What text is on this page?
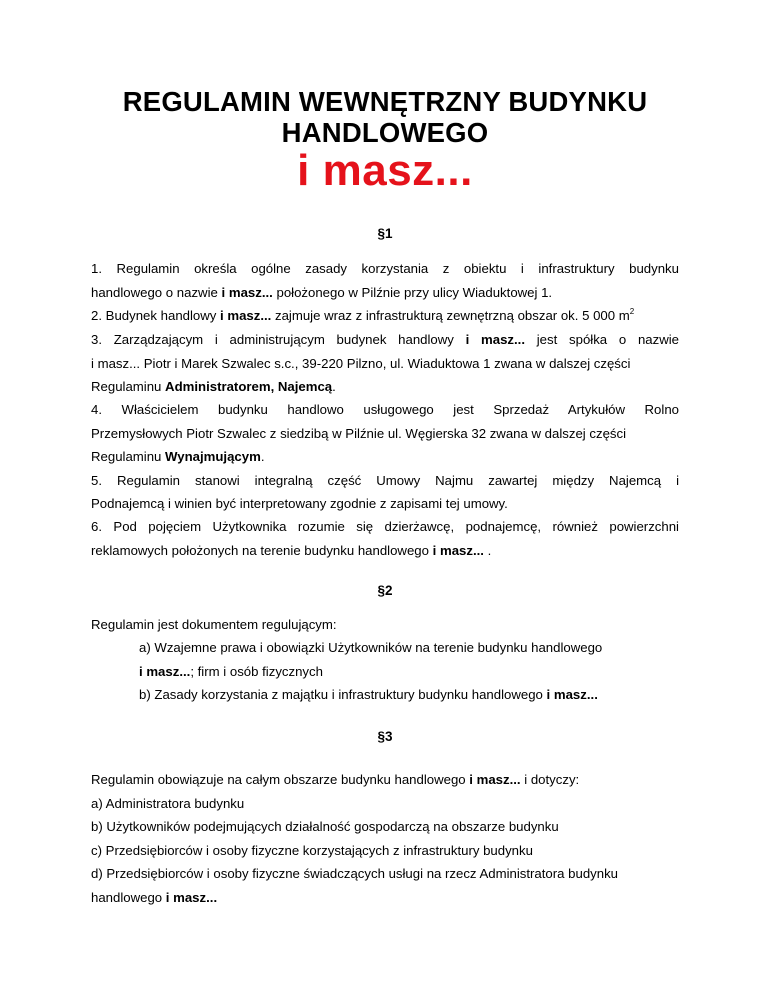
REGULAMIN WEWNĘTRZNY BUDYNKU
HANDLOWEGO
i masz...
§1
1. Regulamin określa ogólne zasady korzystania z obiektu i infrastruktury budynku
handlowego o nazwie i masz... położonego w Pilźnie przy ulicy Wiaduktowej 1.
2. Budynek handlowy i masz... zajmuje wraz z infrastrukturą zewnętrzną obszar ok. 5 000 $m^2$
3. Zarządzającym i administrującym budynek handlowy i masz... jest spółka o nazwie
i masz... Piotr i Marek Szwalec s.c., 39-220 Pilzno, ul. Wiaduktowa 1 zwana w dalszej części
Regulaminu Administratorem, Najemcą.
4. Właścicielem budynku handlowo usługowego jest Sprzedaż Artykułów Rolno
Przemysłowych Piotr Szwalec z siedzibą w Pilźnie ul. Węgierska 32 zwana w dalszej części
Regulaminu Wynajmującym.
5. Regulamin stanowi integralną część Umowy Najmu zawartej między Najemcą i
Podnajemcą i winien być interpretowany zgodnie z zapisami tej umowy.
6. Pod pojęciem Użytkownika rozumie się dzierżawcę, podnajemcę, również powierzchni
reklamowych położonych na terenie budynku handlowego i masz... .
§2
Regulamin jest dokumentem regulującym:
a) Wzajemne prawa i obowiązki Użytkowników na terenie budynku handlowego
i masz...; firm i osób fizycznych
b) Zasady korzystania z majątku i infrastruktury budynku handlowego i masz...
§3
Regulamin obowiązuje na całym obszarze budynku handlowego i masz... i dotyczy:
a) Administratora budynku
b) Użytkowników podejmujących działalność gospodarczą na obszarze budynku
c) Przedsiębiorców i osoby fizyczne korzystających z infrastruktury budynku
d) Przedsiębiorców i osoby fizyczne świadczących usługi na rzecz Administratora budynku
handlowego i masz...
